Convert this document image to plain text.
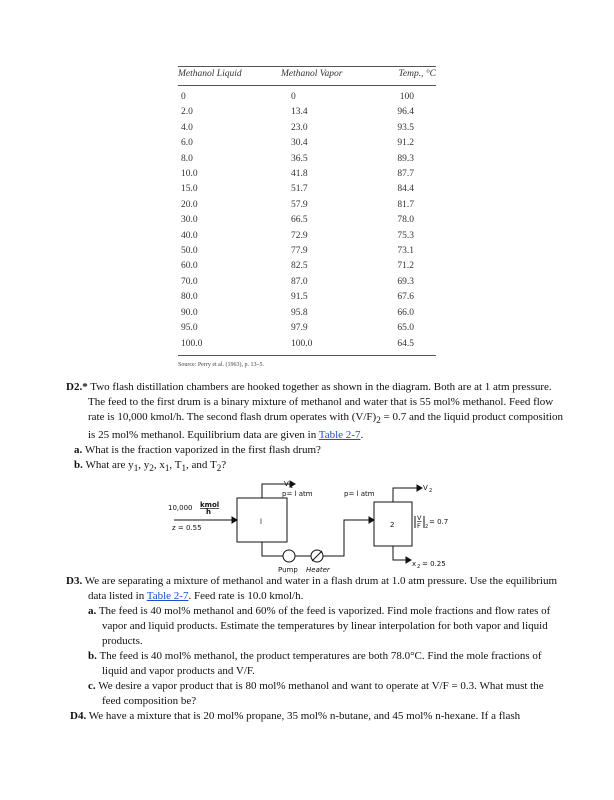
Methanol Liquid	Methanol Vapor	Temp., °C
0	0	100
2.0	13.4	96.4
4.0	23.0	93.5
6.0	30.4	91.2
8.0	36.5	89.3
10.0	41.8	87.7
15.0	51.7	84.4
20.0	57.9	81.7
30.0	66.5	78.0
40.0	72.9	75.3
50.0	77.9	73.1
60.0	82.5	71.2
70.0	87.0	69.3
80.0	91.5	67.6
90.0	95.8	66.0
95.0	97.9	65.0
100.0	100.0	64.5
Source: Perry et al. (1963), p. 13–5.
D2.* Two flash distillation chambers are hooked together as shown in the diagram. Both are at 1 atm pressure. The feed to the first drum is a binary mixture of methanol and water that is 55 mol% methanol. Feed flow rate is 10,000 kmol/h. The second flash drum operates with $(V/F)_2 = 0.7$ and the liquid product composition is 25 mol% methanol. Equilibrium data are given in Table 2-7.
a. What is the fraction vaporized in the first flash drum?
b. What are $y_1$, $y_2$, $x_1$, $T_1$, and $T_2$?
10,000 kmol
h
z = 0.55
p= l atm	p= l atm
V 1	V 2
l	2
V
F 2
= 0.7
x 2 = 0.25
Pump Heater
D3. We are separating a mixture of methanol and water in a flash drum at 1.0 atm pressure. Use the equilibrium data listed in Table 2-7. Feed rate is 10.0 kmol/h.
a. The feed is 40 mol% methanol and 60% of the feed is vaporized. Find mole fractions and flow rates of vapor and liquid products. Estimate the temperatures by linear interpolation for both vapor and liquid products.
b. The feed is 40 mol% methanol, the product temperatures are both 78.0°C. Find the mole fractions of liquid and vapor products and V/F.
c. We desire a vapor product that is 80 mol% methanol and want to operate at V/F = 0.3. What must the feed composition be?
D4. We have a mixture that is 20 mol% propane, 35 mol% n-butane, and 45 mol% n-hexane. If a flash
